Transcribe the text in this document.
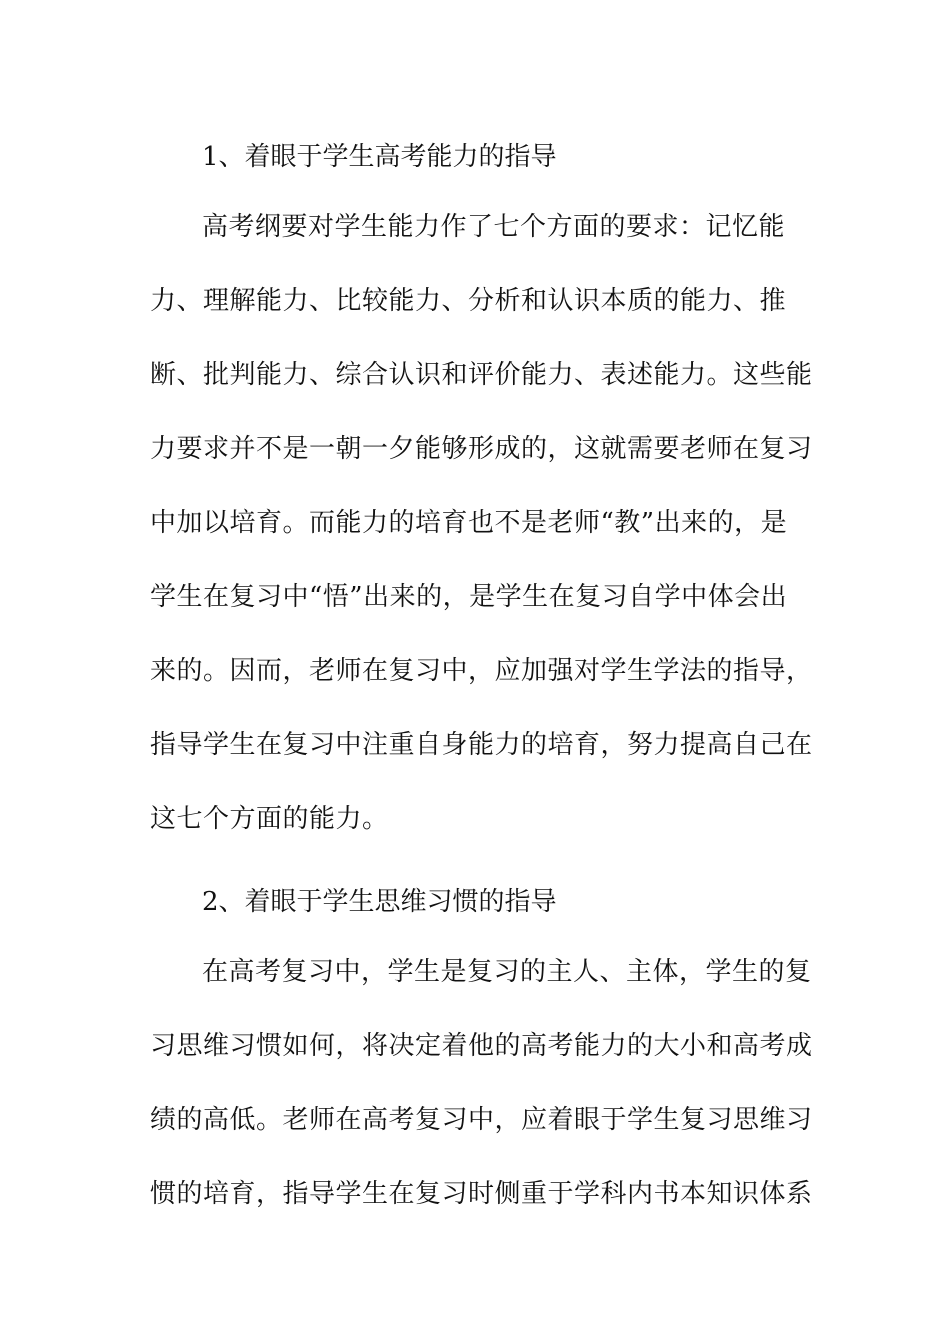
1、着眼于学生高考能力的指导
高考纲要对学生能力作了七个方面的要求：记忆能
力、理解能力、比较能力、分析和认识本质的能力、推
断、批判能力、综合认识和评价能力、表述能力。这些能
力要求并不是一朝一夕能够形成的，这就需要老师在复习
中加以培育。而能力的培育也不是老师“教”出来的，是
学生在复习中“悟”出来的，是学生在复习自学中体会出
来的。因而，老师在复习中，应加强对学生学法的指导，
指导学生在复习中注重自身能力的培育，努力提高自己在
这七个方面的能力。
2、着眼于学生思维习惯的指导
在高考复习中，学生是复习的主人、主体，学生的复
习思维习惯如何，将决定着他的高考能力的大小和高考成
绩的高低。老师在高考复习中，应着眼于学生复习思维习
惯的培育，指导学生在复习时侧重于学科内书本知识体系
